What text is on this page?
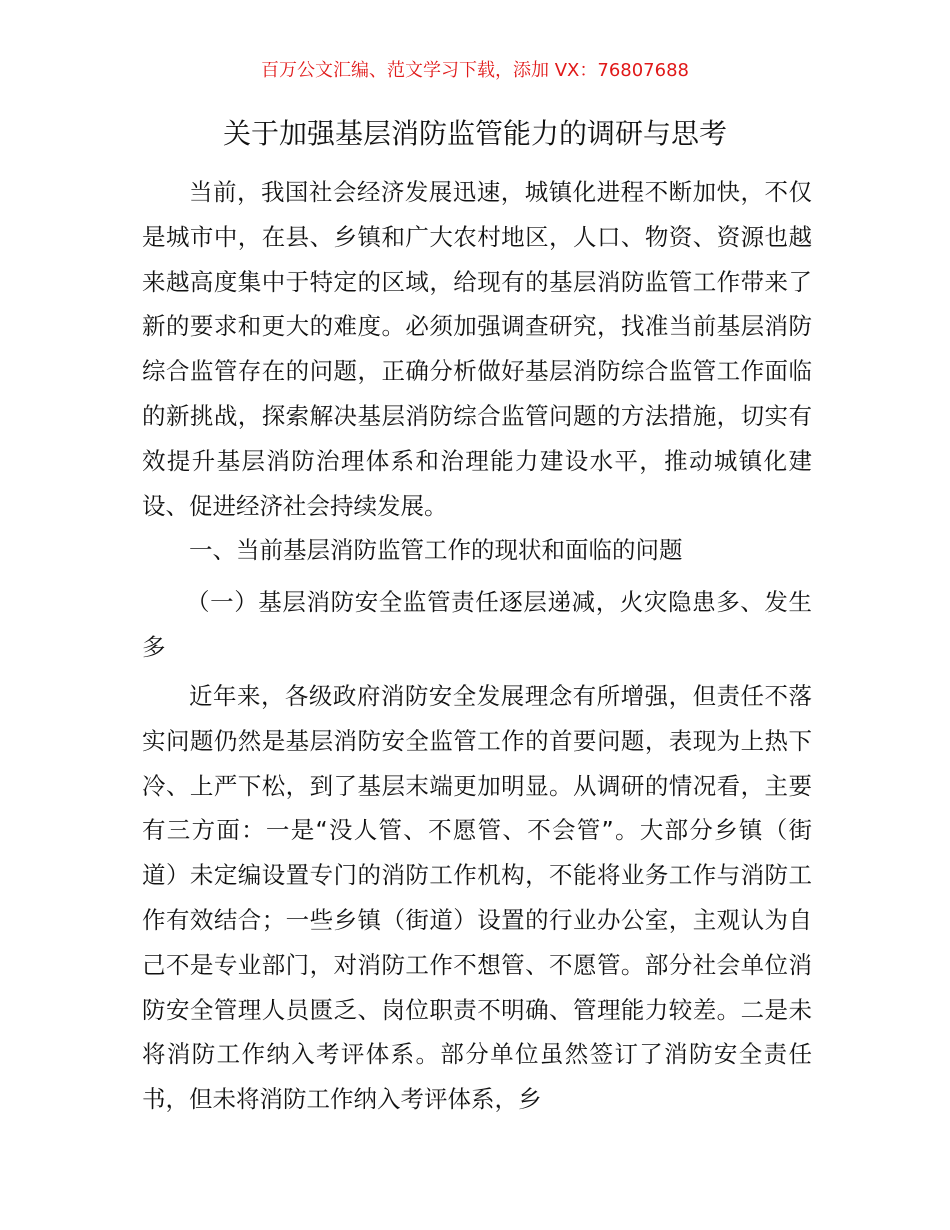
百万公文汇编、范文学习下载，添加 VX：76807688
关于加强基层消防监管能力的调研与思考

当前，我国社会经济发展迅速，城镇化进程不断加快，不仅是城市中，在县、乡镇和广大农村地区，人口、物资、资源也越来越高度集中于特定的区域，给现有的基层消防监管工作带来了新的要求和更大的难度。必须加强调查研究，找准当前基层消防综合监管存在的问题，正确分析做好基层消防综合监管工作面临的新挑战，探索解决基层消防综合监管问题的方法措施，切实有效提升基层消防治理体系和治理能力建设水平，推动城镇化建设、促进经济社会持续发展。

一、当前基层消防监管工作的现状和面临的问题

（一）基层消防安全监管责任逐层递减，火灾隐患多、发生多

近年来，各级政府消防安全发展理念有所增强，但责任不落实问题仍然是基层消防安全监管工作的首要问题，表现为上热下冷、上严下松，到了基层末端更加明显。从调研的情况看，主要有三方面：一是“没人管、不愿管、不会管”。大部分乡镇（街道）未定编设置专门的消防工作机构，不能将业务工作与消防工作有效结合；一些乡镇（街道）设置的行业办公室，主观认为自己不是专业部门，对消防工作不想管、不愿管。部分社会单位消防安全管理人员匮乏、岗位职责不明确、管理能力较差。二是未将消防工作纳入考评体系。部分单位虽然签订了消防安全责任书，但未将消防工作纳入考评体系，乡
